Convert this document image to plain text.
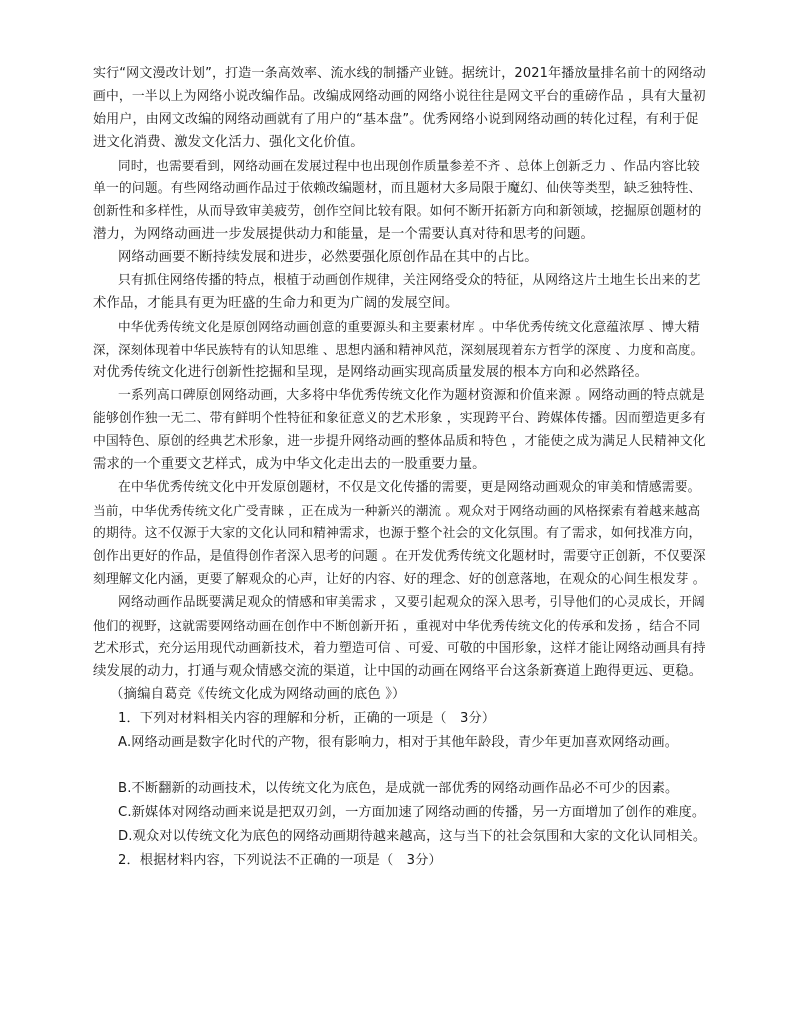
实行“网文漫改计划”，打造一条高效率、流水线的制播产业链。据统计，2021年播放量排名前十的网络动
画中，一半以上为网络小说改编作品。改编成网络动画的网络小说往往是网文平台的重磅作品 ，具有大量初
始用户，由网文改编的网络动画就有了用户的“基本盘”。优秀网络小说到网络动画的转化过程，有利于促
进文化消费、激发文化活力、强化文化价值。
同时，也需要看到，网络动画在发展过程中也出现创作质量参差不齐 、总体上创新乏力 、作品内容比较
单一的问题。有些网络动画作品过于依赖改编题材，而且题材大多局限于魔幻、仙侠等类型，缺乏独特性、
创新性和多样性，从而导致审美疲劳，创作空间比较有限。如何不断开拓新方向和新领域，挖掘原创题材的
潜力，为网络动画进一步发展提供动力和能量，是一个需要认真对待和思考的问题。
网络动画要不断持续发展和进步，必然要强化原创作品在其中的占比。
只有抓住网络传播的特点，根植于动画创作规律，关注网络受众的特征，从网络这片土地生长出来的艺
术作品，才能具有更为旺盛的生命力和更为广阔的发展空间。
中华优秀传统文化是原创网络动画创意的重要源头和主要素材库 。中华优秀传统文化意蕴浓厚 、博大精
深，深刻体现着中华民族特有的认知思维 、思想内涵和精神风范，深刻展现着东方哲学的深度 、力度和高度。
对优秀传统文化进行创新性挖掘和呈现，是网络动画实现高质量发展的根本方向和必然路径。
一系列高口碑原创网络动画，大多将中华优秀传统文化作为题材资源和价值来源 。网络动画的特点就是
能够创作独一无二、带有鲜明个性特征和象征意义的艺术形象 ，实现跨平台、跨媒体传播。因而塑造更多有
中国特色、原创的经典艺术形象，进一步提升网络动画的整体品质和特色 ，才能使之成为满足人民精神文化
需求的一个重要文艺样式，成为中华文化走出去的一股重要力量。
在中华优秀传统文化中开发原创题材，不仅是文化传播的需要，更是网络动画观众的审美和情感需要。
当前，中华优秀传统文化广受青睐 ，正在成为一种新兴的潮流 。观众对于网络动画的风格探索有着越来越高
的期待。这不仅源于大家的文化认同和精神需求，也源于整个社会的文化氛围。有了需求，如何找准方向，
创作出更好的作品，是值得创作者深入思考的问题 。在开发优秀传统文化题材时，需要守正创新，不仅要深
刻理解文化内涵，更要了解观众的心声，让好的内容、好的理念、好的创意落地，在观众的心间生根发芽 。
网络动画作品既要满足观众的情感和审美需求 ，又要引起观众的深入思考，引导他们的心灵成长，开阔
他们的视野，这就需要网络动画在创作中不断创新开拓 ，重视对中华优秀传统文化的传承和发扬 ，结合不同
艺术形式，充分运用现代动画新技术，着力塑造可信 、可爱、可敬的中国形象，这样才能让网络动画具有持
续发展的动力，打通与观众情感交流的渠道，让中国的动画在网络平台这条新赛道上跑得更远、更稳。
（摘编自葛竞《传统文化成为网络动画的底色 》）
1．下列对材料相关内容的理解和分析，正确的一项是（　3分）
A.网络动画是数字化时代的产物，很有影响力，相对于其他年龄段，青少年更加喜欢网络动画。
B.不断翻新的动画技术，以传统文化为底色，是成就一部优秀的网络动画作品必不可少的因素。
C.新媒体对网络动画来说是把双刃剑，一方面加速了网络动画的传播，另一方面增加了创作的难度。
D.观众对以传统文化为底色的网络动画期待越来越高，这与当下的社会氛围和大家的文化认同相关。
2．根据材料内容，下列说法不正确的一项是（　3分）
